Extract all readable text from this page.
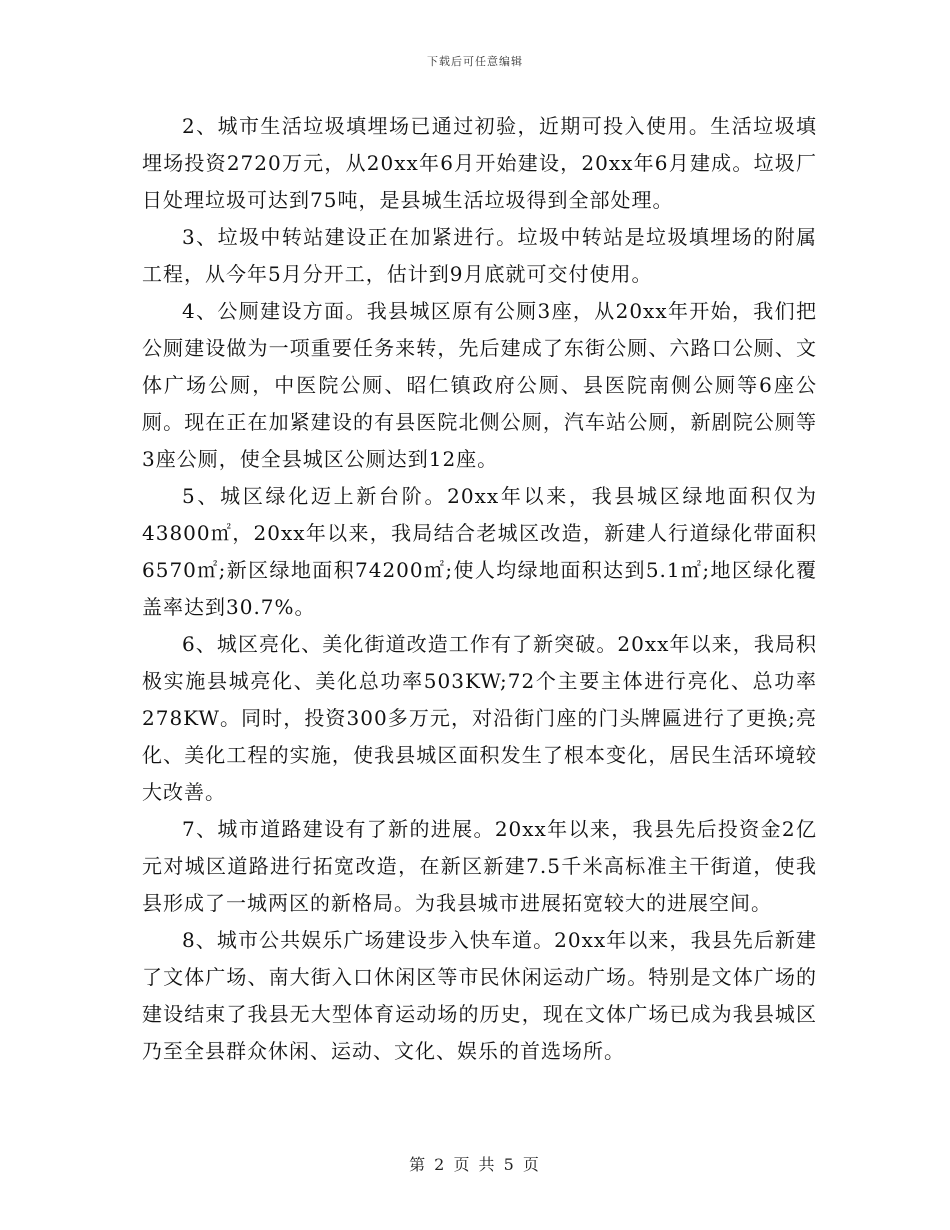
下载后可任意编辑

2、城市生活垃圾填埋场已通过初验，近期可投入使用。生活垃圾填埋场投资2720万元，从20xx年6月开始建设，20xx年6月建成。垃圾厂日处理垃圾可达到75吨，是县城生活垃圾得到全部处理。

3、垃圾中转站建设正在加紧进行。垃圾中转站是垃圾填埋场的附属工程，从今年5月分开工，估计到9月底就可交付使用。

4、公厕建设方面。我县城区原有公厕3座，从20xx年开始，我们把公厕建设做为一项重要任务来转，先后建成了东街公厕、六路口公厕、文体广场公厕，中医院公厕、昭仁镇政府公厕、县医院南侧公厕等6座公厕。现在正在加紧建设的有县医院北侧公厕，汽车站公厕，新剧院公厕等3座公厕，使全县城区公厕达到12座。

5、城区绿化迈上新台阶。20xx年以来，我县城区绿地面积仅为43800㎡，20xx年以来，我局结合老城区改造，新建人行道绿化带面积6570㎡;新区绿地面积74200㎡;使人均绿地面积达到5.1㎡;地区绿化覆盖率达到30.7%。

6、城区亮化、美化街道改造工作有了新突破。20xx年以来，我局积极实施县城亮化、美化总功率503KW;72个主要主体进行亮化、总功率278KW。同时，投资300多万元，对沿街门座的门头牌匾进行了更换;亮化、美化工程的实施，使我县城区面积发生了根本变化，居民生活环境较大改善。

7、城市道路建设有了新的进展。20xx年以来，我县先后投资金2亿元对城区道路进行拓宽改造，在新区新建7.5千米高标准主干街道，使我县形成了一城两区的新格局。为我县城市进展拓宽较大的进展空间。

8、城市公共娱乐广场建设步入快车道。20xx年以来，我县先后新建了文体广场、南大街入口休闲区等市民休闲运动广场。特别是文体广场的建设结束了我县无大型体育运动场的历史，现在文体广场已成为我县城区乃至全县群众休闲、运动、文化、娱乐的首选场所。

第 2 页 共 5 页
